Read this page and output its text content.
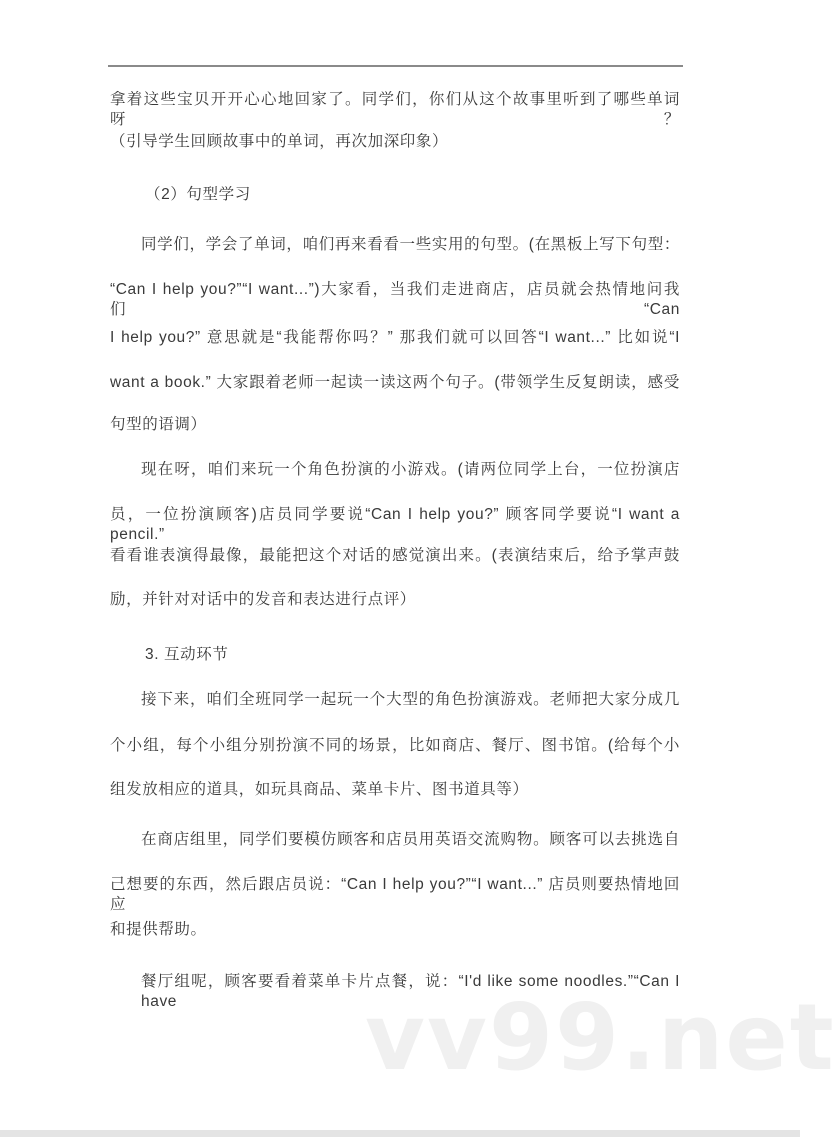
拿着这些宝贝开开心心地回家了。同学们，你们从这个故事里听到了哪些单词呀？
（引导学生回顾故事中的单词，再次加深印象）
（2）句型学习
同学们，学会了单词，咱们再来看看一些实用的句型。(在黑板上写下句型：
“Can I help you?”“I want...”)大家看，当我们走进商店，店员就会热情地问我们“Can
I help you?” 意思就是“我能帮你吗？” 那我们就可以回答“I want...” 比如说“I
want a book.” 大家跟着老师一起读一读这两个句子。(带领学生反复朗读，感受
句型的语调）
现在呀，咱们来玩一个角色扮演的小游戏。(请两位同学上台，一位扮演店
员，一位扮演顾客)店员同学要说“Can I help you?” 顾客同学要说“I want a pencil.”
看看谁表演得最像，最能把这个对话的感觉演出来。(表演结束后，给予掌声鼓
励，并针对对话中的发音和表达进行点评）
3. 互动环节
接下来，咱们全班同学一起玩一个大型的角色扮演游戏。老师把大家分成几
个小组，每个小组分别扮演不同的场景，比如商店、餐厅、图书馆。(给每个小
组发放相应的道具，如玩具商品、菜单卡片、图书道具等）
在商店组里，同学们要模仿顾客和店员用英语交流购物。顾客可以去挑选自
己想要的东西，然后跟店员说：“Can I help you?”“I want...” 店员则要热情地回应
和提供帮助。
餐厅组呢，顾客要看着菜单卡片点餐，说：“I'd like some noodles.”“Can I have	vv99.net
